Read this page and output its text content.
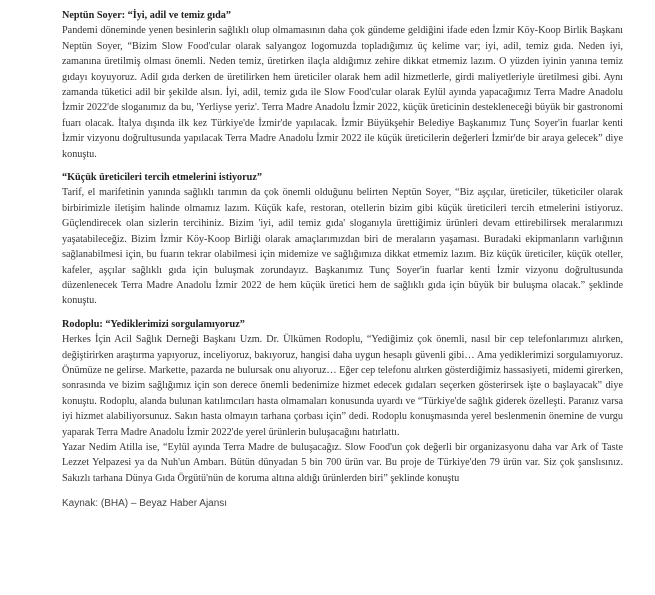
Neptün Soyer: “İyi, adil ve temiz gıda”

Pandemi döneminde yenen besinlerin sağlıklı olup olmamasının daha çok gündeme geldiğini ifade eden İzmir Köy-Koop Birlik Başkanı Neptün Soyer, “Bizim Slow Food'cular olarak salyangoz logomuzda topladığımız üç kelime var; iyi, adil, temiz gıda. Neden iyi, zamanına üretilmiş olması önemli. Neden temiz, üretirken ilaçla aldığımız zehire dikkat etmemiz lazım. O yüzden iyinin yanına temiz gıdayı koyuyoruz. Adil gıda derken de üretilirken hem üreticiler olarak hem adil hizmetlerle, girdi maliyetleriyle üretilmesi gibi. Aynı zamanda tüketici adil bir şekilde alsın. İyi, adil, temiz gıda ile Slow Food'cular olarak Eylül ayında yapacağımız Terra Madre Anadolu İzmir 2022'de sloganımız da bu, 'Yerliyse yeriz'. Terra Madre Anadolu İzmir 2022, küçük üreticinin destekleneceği büyük bir gastronomi fuarı olacak. İtalya dışında ilk kez Türkiye'de İzmir'de yapılacak. İzmir Büyükşehir Belediye Başkanımız Tunç Soyer'in fuarlar kenti İzmir vizyonu doğrultusunda yapılacak Terra Madre Anadolu İzmir 2022 ile küçük üreticilerin değerleri İzmir'de bir araya gelecek” diye konuştu.

“Küçük üreticileri tercih etmelerini istiyoruz”

Tarif, el marifetinin yanında sağlıklı tarımın da çok önemli olduğunu belirten Neptün Soyer, “Biz aşçılar, üreticiler, tüketiciler olarak birbirimizle iletişim halinde olmamız lazım. Küçük kafe, restoran, otellerin bizim gibi küçük üreticileri tercih etmelerini istiyoruz. Güçlendirecek olan sizlerin tercihiniz. Bizim 'iyi, adil temiz gıda' sloganıyla ürettiğimiz ürünleri devam ettirebilirsek meralarımızı yaşatabileceğiz. Bizim İzmir Köy-Koop Birliği olarak amaçlarımızdan biri de meraların yaşaması. Buradaki ekipmanların varlığının sağlanabilmesi için, bu fuarın tekrar olabilmesi için midemize ve sağlığımıza dikkat etmemiz lazım. Biz küçük üreticiler, küçük oteller, kafeler, aşçılar sağlıklı gıda için buluşmak zorundayız. Başkanımız Tunç Soyer'in fuarlar kenti İzmir vizyonu doğrultusunda düzenlenecek Terra Madre Anadolu İzmir 2022 de hem küçük üretici hem de sağlıklı gıda için büyük bir buluşma olacak.” şeklinde konuştu.

Rodoplu: “Yediklerimizi sorgulamıyoruz”

Herkes İçin Acil Sağlık Derneği Başkanı Uzm. Dr. Ülkümen Rodoplu, “Yediğimiz çok önemli, nasıl bir cep telefonlarımızı alırken, değiştirirken araştırma yapıyoruz, inceliyoruz, bakıyoruz, hangisi daha uygun hesaplı güvenli gibi… Ama yediklerimizi sorgulamıyoruz. Önümüze ne gelirse. Markette, pazarda ne bulursak onu alıyoruz… Eğer cep telefonu alırken gösterdiğimiz hassasiyeti, midemi girerken, sonrasında ve bizim sağlığımız için son derece önemli bedenimize hizmet edecek gıdaları seçerken gösterirsek işte o başlayacak” diye konuştu. Rodoplu, alanda bulunan katılımcıları hasta olmamaları konusunda uyardı ve “Türkiye'de sağlık giderek özelleşti. Paranız varsa iyi hizmet alabiliyorsunuz. Sakın hasta olmayın tarhana çorbası için” dedi. Rodoplu konuşmasında yerel beslenmenin önemine de vurgu yaparak Terra Madre Anadolu İzmir 2022'de yerel ürünlerin buluşacağını hatırlattı.

Yazar Nedim Atilla ise, “Eylül ayında Terra Madre de buluşacağız. Slow Food'un çok değerli bir organizasyonu daha var Ark of Taste Lezzet Yelpazesi ya da Nuh'un Ambarı. Bütün dünyadan 5 bin 700 ürün var. Bu proje de Türkiye'den 79 ürün var. Siz çok şanslısınız. Sakızlı tarhana Dünya Gıda Örgütü'nün de koruma altına aldığı ürünlerden biri” şeklinde konuştu

Kaynak: (BHA) – Beyaz Haber Ajansı
